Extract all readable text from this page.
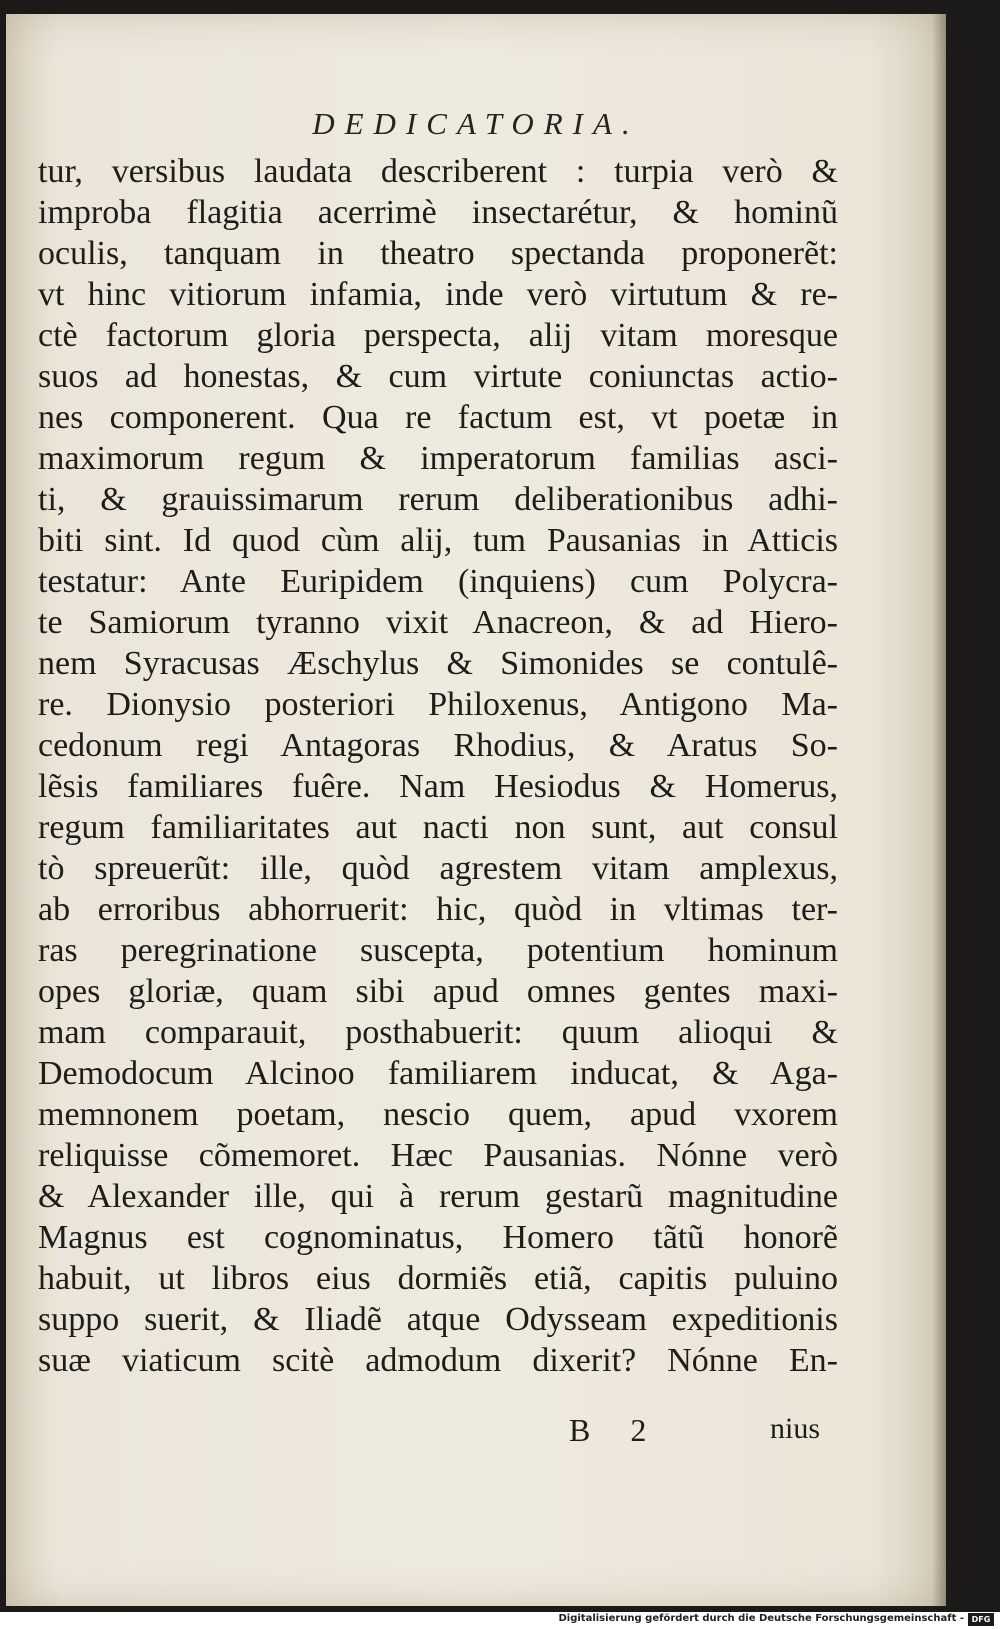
DEDICATORIA.
tur, versibus laudata describerent : turpia verò &
improba flagitia acerrimè insectarétur, & hominũ
oculis, tanquam in theatro spectanda proponerẽt:
vt hinc vitiorum infamia, inde verò virtutum & re-
ctè factorum gloria perspecta, alij vitam moresque
suos ad honestas, & cum virtute coniunctas actio-
nes componerent. Qua re factum est, vt poetæ in
maximorum regum & imperatorum familias asci-
ti, & grauissimarum rerum deliberationibus adhi-
biti sint. Id quod cùm alij, tum Pausanias in Atticis
testatur: Ante Euripidem (inquiens) cum Polycra-
te Samiorum tyranno vixit Anacreon, & ad Hiero-
nem Syracusas Æschylus & Simonides se contulê-
re. Dionysio posteriori Philoxenus, Antigono Ma-
cedonum regi Antagoras Rhodius, & Aratus So-
lẽsis familiares fuêre. Nam Hesiodus & Homerus,
regum familiaritates aut nacti non sunt, aut consul
tò spreuerũt: ille, quòd agrestem vitam amplexus,
ab erroribus abhorruerit: hic, quòd in vltimas ter-
ras peregrinatione suscepta, potentium hominum
opes gloriæ, quam sibi apud omnes gentes maxi-
mam comparauit, posthabuerit: quum alioqui &
Demodocum Alcinoo familiarem inducat, & Aga-
memnonem poetam, nescio quem, apud vxorem
reliquisse cõmemoret. Hæc Pausanias. Nónne verò
& Alexander ille, qui à rerum gestarũ magnitudine
Magnus est cognominatus, Homero tãtũ honorẽ
habuit, ut libros eius dormiẽs etiã, capitis puluino
suppo suerit, & Iliadẽ atque Odysseam expeditionis
suæ viaticum scitè admodum dixerit? Nónne En-
B 2	nius
Digitalisierung gefördert durch die Deutsche Forschungsgemeinschaft - DFG
